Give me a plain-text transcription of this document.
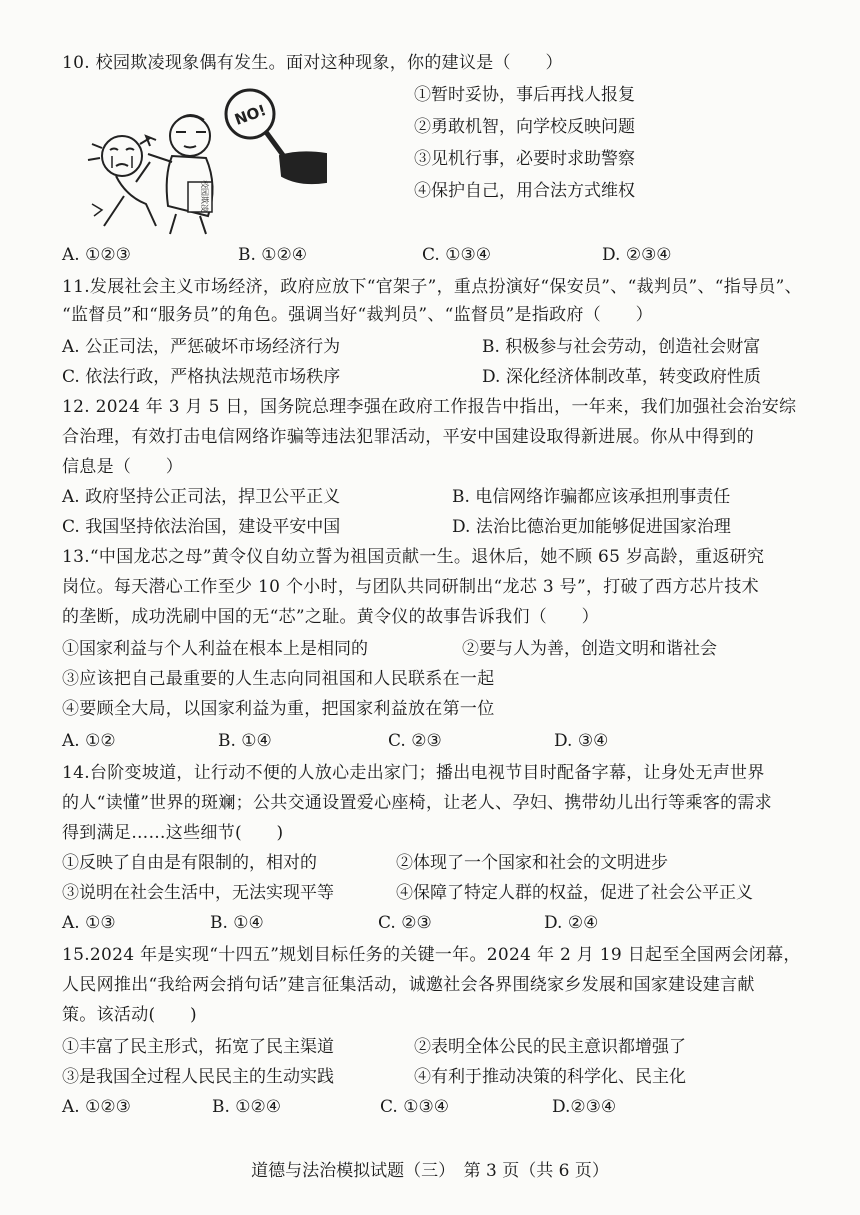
10. 校园欺凌现象偶有发生。面对这种现象，你的建议是（　　）
NO!
校园欺凌
①暂时妥协，事后再找人报复
②勇敢机智，向学校反映问题
③见机行事，必要时求助警察
④保护自己，用合法方式维权
A. ①②③	B. ①②④	C. ①③④	D. ②③④
11.发展社会主义市场经济，政府应放下“官架子”，重点扮演好“保安员”、“裁判员”、“指导员”、
“监督员”和“服务员”的角色。强调当好“裁判员”、“监督员”是指政府（　　）
A. 公正司法，严惩破坏市场经济行为	B. 积极参与社会劳动，创造社会财富
C. 依法行政，严格执法规范市场秩序	D. 深化经济体制改革，转变政府性质
12. 2024 年 3 月 5 日，国务院总理李强在政府工作报告中指出，一年来，我们加强社会治安综
合治理，有效打击电信网络诈骗等违法犯罪活动，平安中国建设取得新进展。你从中得到的
信息是（　　）
A. 政府坚持公正司法，捍卫公平正义	B. 电信网络诈骗都应该承担刑事责任
C. 我国坚持依法治国，建设平安中国	D. 法治比德治更加能够促进国家治理
13.“中国龙芯之母”黄令仪自幼立誓为祖国贡献一生。退休后，她不顾 65 岁高龄，重返研究
岗位。每天潜心工作至少 10 个小时，与团队共同研制出“龙芯 3 号”，打破了西方芯片技术
的垄断，成功洗刷中国的无“芯”之耻。黄令仪的故事告诉我们（　　）
①国家利益与个人利益在根本上是相同的	②要与人为善，创造文明和谐社会
③应该把自己最重要的人生志向同祖国和人民联系在一起
④要顾全大局，以国家利益为重，把国家利益放在第一位
A. ①②	B. ①④	C. ②③	D. ③④
14.台阶变坡道，让行动不便的人放心走出家门；播出电视节目时配备字幕，让身处无声世界
的人“读懂”世界的斑斓；公共交通设置爱心座椅，让老人、孕妇、携带幼儿出行等乘客的需求
得到满足……这些细节(　　)
①反映了自由是有限制的，相对的	②体现了一个国家和社会的文明进步
③说明在社会生活中，无法实现平等	④保障了特定人群的权益，促进了社会公平正义
A. ①③	B. ①④	C. ②③	D. ②④
15.2024 年是实现“十四五”规划目标任务的关键一年。2024 年 2 月 19 日起至全国两会闭幕，
人民网推出“我给两会捎句话”建言征集活动，诚邀社会各界围绕家乡发展和国家建设建言献
策。该活动(　　)
①丰富了民主形式，拓宽了民主渠道	②表明全体公民的民主意识都增强了
③是我国全过程人民民主的生动实践	④有利于推动决策的科学化、民主化
A. ①②③	B. ①②④	C. ①③④	D.②③④
道德与法治模拟试题（三）　第 3 页（共 6 页）
